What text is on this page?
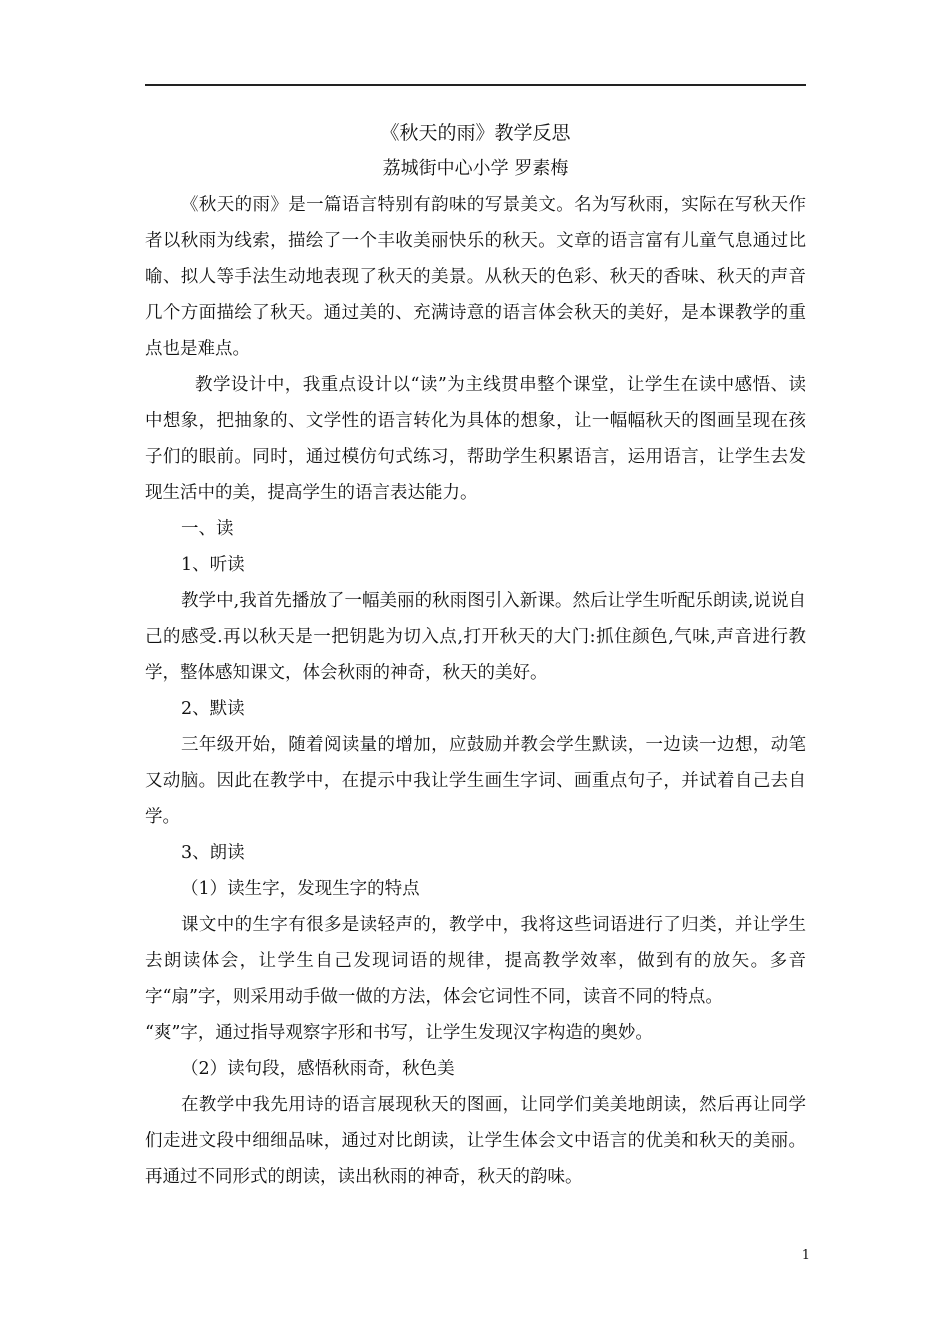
《秋天的雨》教学反思
荔城街中心小学 罗素梅

《秋天的雨》是一篇语言特别有韵味的写景美文。名为写秋雨，实际在写秋天作者以秋雨为线索，描绘了一个丰收美丽快乐的秋天。文章的语言富有儿童气息通过比喻、拟人等手法生动地表现了秋天的美景。从秋天的色彩、秋天的香味、秋天的声音几个方面描绘了秋天。通过美的、充满诗意的语言体会秋天的美好，是本课教学的重点也是难点。

教学设计中，我重点设计以“读”为主线贯串整个课堂，让学生在读中感悟、读中想象，把抽象的、文学性的语言转化为具体的想象，让一幅幅秋天的图画呈现在孩子们的眼前。同时，通过模仿句式练习，帮助学生积累语言，运用语言，让学生去发现生活中的美，提高学生的语言表达能力。

一、读

1、听读

教学中,我首先播放了一幅美丽的秋雨图引入新课。然后让学生听配乐朗读,说说自己的感受.再以秋天是一把钥匙为切入点,打开秋天的大门:抓住颜色,气味,声音进行教学，整体感知课文，体会秋雨的神奇，秋天的美好。

2、默读

三年级开始，随着阅读量的增加，应鼓励并教会学生默读，一边读一边想，动笔又动脑。因此在教学中，在提示中我让学生画生字词、画重点句子，并试着自己去自学。

3、朗读

（1）读生字，发现生字的特点

课文中的生字有很多是读轻声的，教学中，我将这些词语进行了归类，并让学生去朗读体会，让学生自己发现词语的规律，提高教学效率，做到有的放矢。多音字“扇”字，则采用动手做一做的方法，体会它词性不同，读音不同的特点。

“爽”字，通过指导观察字形和书写，让学生发现汉字构造的奥妙。

（2）读句段，感悟秋雨奇，秋色美

在教学中我先用诗的语言展现秋天的图画，让同学们美美地朗读，然后再让同学们走进文段中细细品味，通过对比朗读，让学生体会文中语言的优美和秋天的美丽。再通过不同形式的朗读，读出秋雨的神奇，秋天的韵味。

1
